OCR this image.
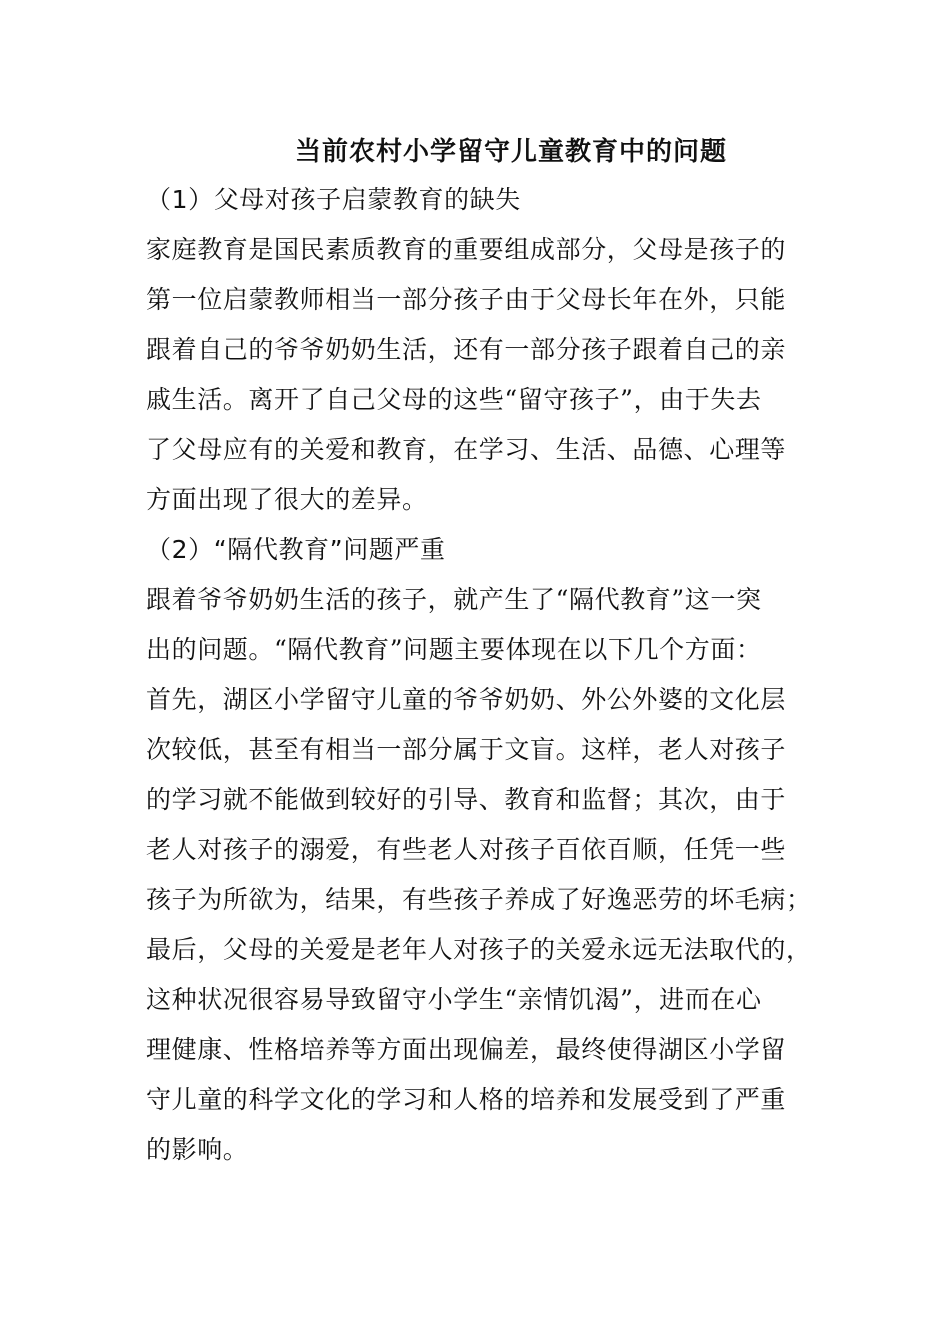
当前农村小学留守儿童教育中的问题
（1）父母对孩子启蒙教育的缺失
家庭教育是国民素质教育的重要组成部分，父母是孩子的
第一位启蒙教师相当一部分孩子由于父母长年在外，只能
跟着自己的爷爷奶奶生活，还有一部分孩子跟着自己的亲
戚生活。离开了自己父母的这些“留守孩子”，由于失去
了父母应有的关爱和教育，在学习、生活、品德、心理等
方面出现了很大的差异。
（2）“隔代教育”问题严重
跟着爷爷奶奶生活的孩子，就产生了“隔代教育”这一突
出的问题。“隔代教育”问题主要体现在以下几个方面：
首先，湖区小学留守儿童的爷爷奶奶、外公外婆的文化层
次较低，甚至有相当一部分属于文盲。这样，老人对孩子
的学习就不能做到较好的引导、教育和监督；其次，由于
老人对孩子的溺爱，有些老人对孩子百依百顺，任凭一些
孩子为所欲为，结果，有些孩子养成了好逸恶劳的坏毛病；
最后，父母的关爱是老年人对孩子的关爱永远无法取代的，
这种状况很容易导致留守小学生“亲情饥渴”，进而在心
理健康、性格培养等方面出现偏差，最终使得湖区小学留
守儿童的科学文化的学习和人格的培养和发展受到了严重
的影响。
